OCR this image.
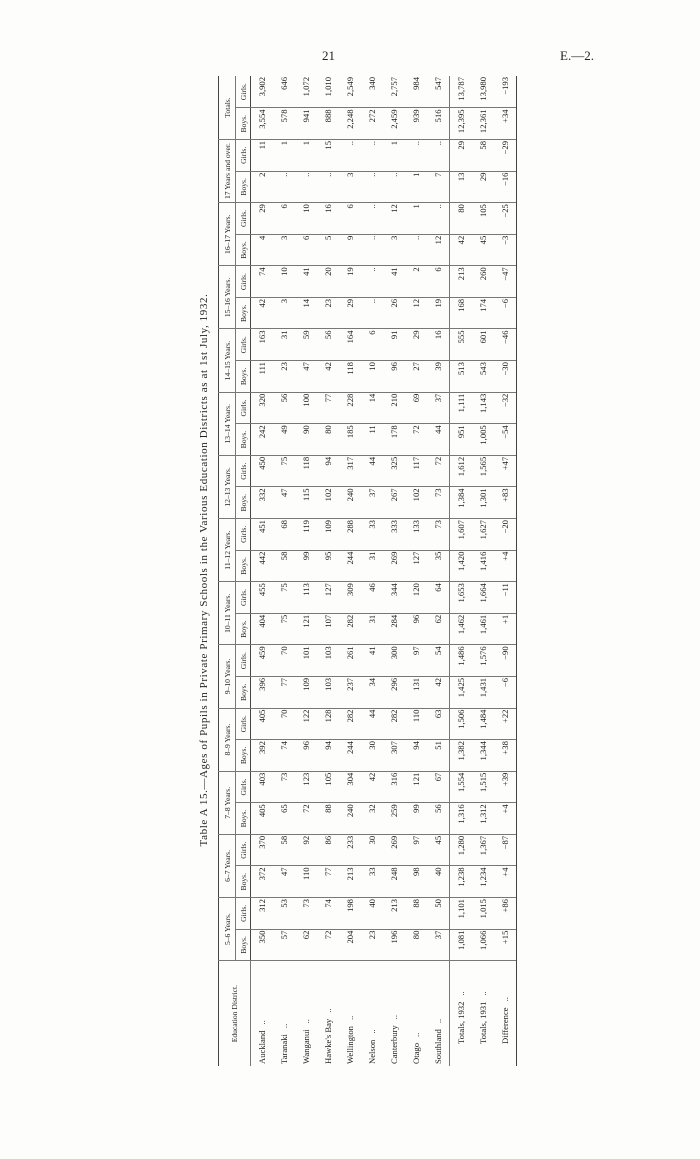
21	E.—2.
Table A 15.—Ages of Pupils in Private Primary Schools in the Various Education Districts as at 1st July, 1932.
Education District.	5–6 Years.		6–7 Years.		7–8 Years.		8–9 Years.		9–10 Years.		10–11 Years.		11–12 Years.		12–13 Years.		13–14 Years.		14–15 Years.		15–16 Years.		16–17 Years.		17 Years and over.		Totals.	
	Boys.	Girls.	Boys.	Girls.	Boys.	Girls.	Boys.	Girls.	Boys.	Girls.	Boys.	Girls.	Boys.	Girls.	Boys.	Girls.	Boys.	Girls.	Boys.	Girls.	Boys.	Girls.	Boys.	Girls.	Boys.	Girls.	Boys.	Girls.
Auckland..	350	312	372	370	405	403	392	405	396	459	404	455	442	451	332	450	242	320	111	163	42	74	4	29	2	11	3,554	3,902
Taranaki..	57	53	47	58	65	73	74	70	77	70	75	75	58	68	47	75	49	56	23	31	3	10	3	6	..	1	578	646
Wanganui..	62	73	110	92	72	123	96	122	109	101	121	113	99	119	115	118	90	100	47	59	14	41	6	10	..	1	941	1,072
Hawke's Bay..	72	74	77	86	88	105	94	128	103	103	107	127	95	109	102	94	80	77	42	56	23	20	5	16	..	15	888	1,010
Wellington..	204	198	213	233	240	304	244	282	237	261	282	309	244	288	240	317	185	228	118	164	29	19	9	6	3	..	2,248	2,549
Nelson..	23	40	33	30	32	42	30	44	34	41	31	46	31	33	37	44	11	14	10	6	..	..	..	..	..	..	272	340
Canterbury..	196	213	248	269	259	316	307	282	296	300	284	344	269	333	267	325	178	210	96	91	26	41	3	12	..	1	2,459	2,757
Otago..	80	88	98	97	99	121	94	110	131	97	96	120	127	133	102	117	72	69	27	29	12	2	..	1	1	..	939	984
Southland..	37	50	40	45	56	67	51	63	42	54	62	64	35	73	73	72	44	37	39	16	19	6	12	..	7	..	516	547
Totals, 1932..	1,081	1,101	1,238	1,280	1,316	1,554	1,382	1,506	1,425	1,486	1,462	1,653	1,420	1,607	1,384	1,612	951	1,111	513	555	168	213	42	80	13	29	12,395	13,787
Totals, 1931..	1,066	1,015	1,234	1,367	1,312	1,515	1,344	1,484	1,431	1,576	1,461	1,664	1,416	1,627	1,301	1,565	1,005	1,143	543	601	174	260	45	105	29	58	12,361	13,980
Difference..	+15	+86	+4	−87	+4	+39	+38	+22	−6	−90	+1	−11	+4	−20	+83	+47	−54	−32	−30	−46	−6	−47	−3	−25	−16	−29	+34	−193
